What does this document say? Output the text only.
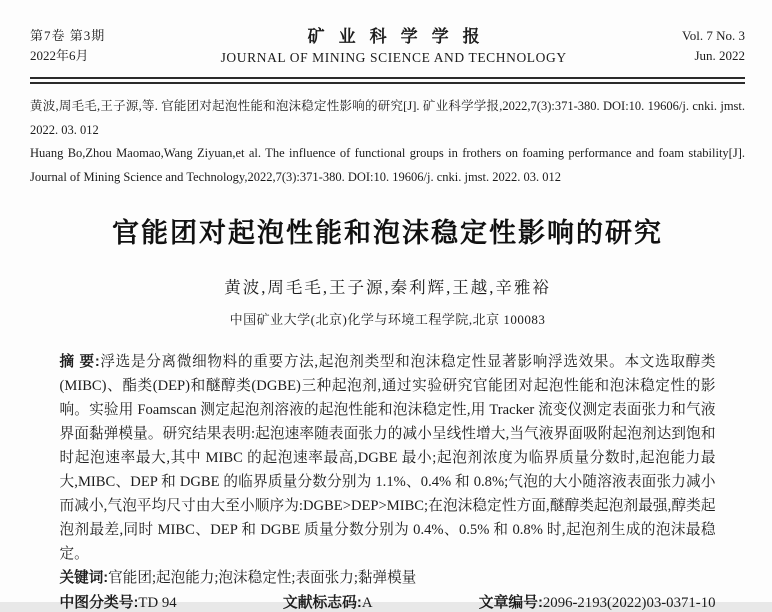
第7卷 第3期
2022年6月
矿业科学学报
JOURNAL OF MINING SCIENCE AND TECHNOLOGY
Vol. 7 No. 3
Jun. 2022

黄波,周毛毛,王子源,等. 官能团对起泡性能和泡沫稳定性影响的研究[J]. 矿业科学学报,2022,7(3):371-380. DOI:10. 19606/j. cnki. jmst. 2022. 03. 012

Huang Bo,Zhou Maomao,Wang Ziyuan,et al. The influence of functional groups in frothers on foaming performance and foam stability[J]. Journal of Mining Science and Technology,2022,7(3):371-380. DOI:10. 19606/j. cnki. jmst. 2022. 03. 012

官能团对起泡性能和泡沫稳定性影响的研究
黄波,周毛毛,王子源,秦利辉,王越,辛雅裕
中国矿业大学(北京)化学与环境工程学院,北京 100083
摘 要:浮选是分离微细物料的重要方法,起泡剂类型和泡沫稳定性显著影响浮选效果。本文选取醇类(MIBC)、酯类(DEP)和醚醇类(DGBE)三种起泡剂,通过实验研究官能团对起泡性能和泡沫稳定性的影响。实验用 Foamscan 测定起泡剂溶液的起泡性能和泡沫稳定性,用 Tracker 流变仪测定表面张力和气液界面黏弹模量。研究结果表明:起泡速率随表面张力的减小呈线性增大,当气液界面吸附起泡剂达到饱和时起泡速率最大,其中 MIBC 的起泡速率最高,DGBE 最小;起泡剂浓度为临界质量分数时,起泡能力最大,MIBC、DEP 和 DGBE 的临界质量分数分别为 1.1%、0.4% 和 0.8%;气泡的大小随溶液表面张力减小而减小,气泡平均尺寸由大至小顺序为:DGBE>DEP>MIBC;在泡沫稳定性方面,醚醇类起泡剂最强,醇类起泡剂最差,同时 MIBC、DEP 和 DGBE 质量分数分别为 0.4%、0.5% 和 0.8% 时,起泡剂生成的泡沫最稳定。
关键词:官能团;起泡能力;泡沫稳定性;表面张力;黏弹模量
中图分类号:TD 94	文献标志码:A	文章编号:2096-2193(2022)03-0371-10
